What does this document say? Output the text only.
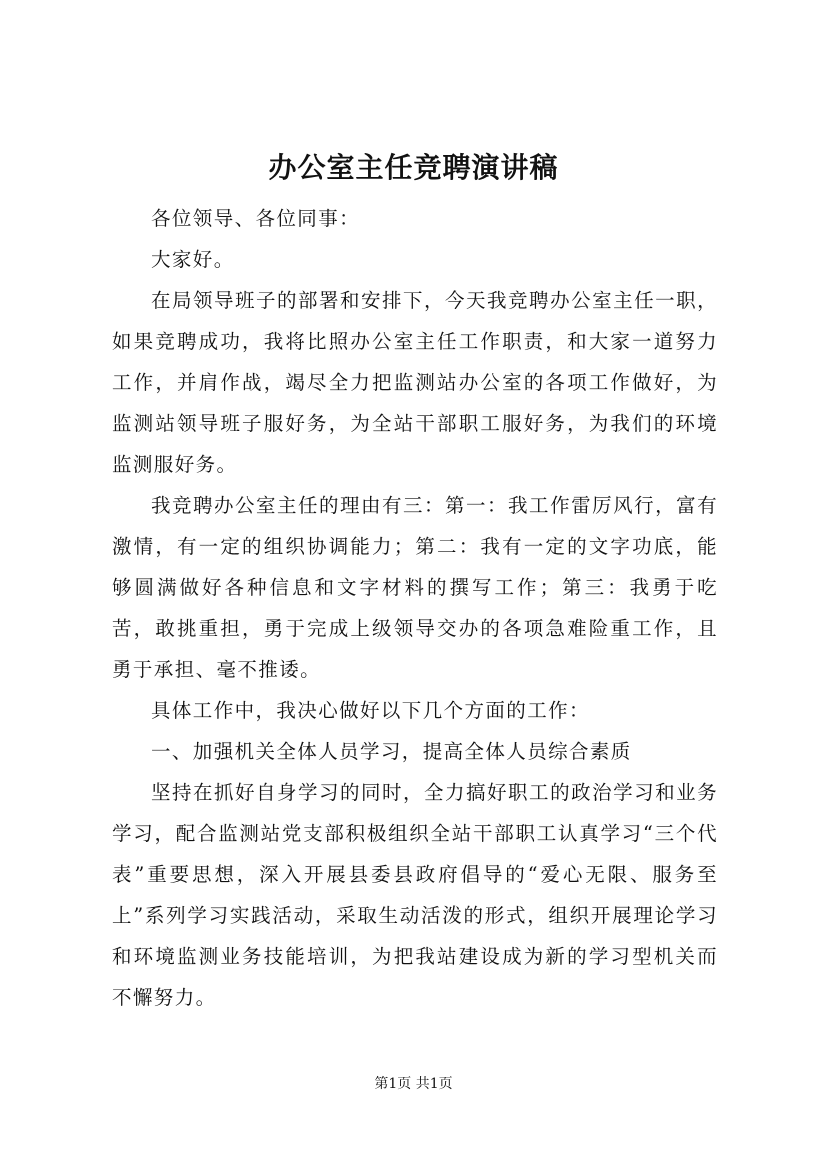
办公室主任竞聘演讲稿

各位领导、各位同事：

大家好。

在局领导班子的部署和安排下，今天我竞聘办公室主任一职，如果竞聘成功，我将比照办公室主任工作职责，和大家一道努力工作，并肩作战，竭尽全力把监测站办公室的各项工作做好，为监测站领导班子服好务，为全站干部职工服好务，为我们的环境监测服好务。

我竞聘办公室主任的理由有三：第一：我工作雷厉风行，富有激情，有一定的组织协调能力；第二：我有一定的文字功底，能够圆满做好各种信息和文字材料的撰写工作；第三：我勇于吃苦，敢挑重担，勇于完成上级领导交办的各项急难险重工作，且勇于承担、毫不推诿。

具体工作中，我决心做好以下几个方面的工作：

一、加强机关全体人员学习，提高全体人员综合素质

坚持在抓好自身学习的同时，全力搞好职工的政治学习和业务学习，配合监测站党支部积极组织全站干部职工认真学习“三个代表”重要思想，深入开展县委县政府倡导的“爱心无限、服务至上”系列学习实践活动，采取生动活泼的形式，组织开展理论学习和环境监测业务技能培训，为把我站建设成为新的学习型机关而不懈努力。

第1页 共1页
